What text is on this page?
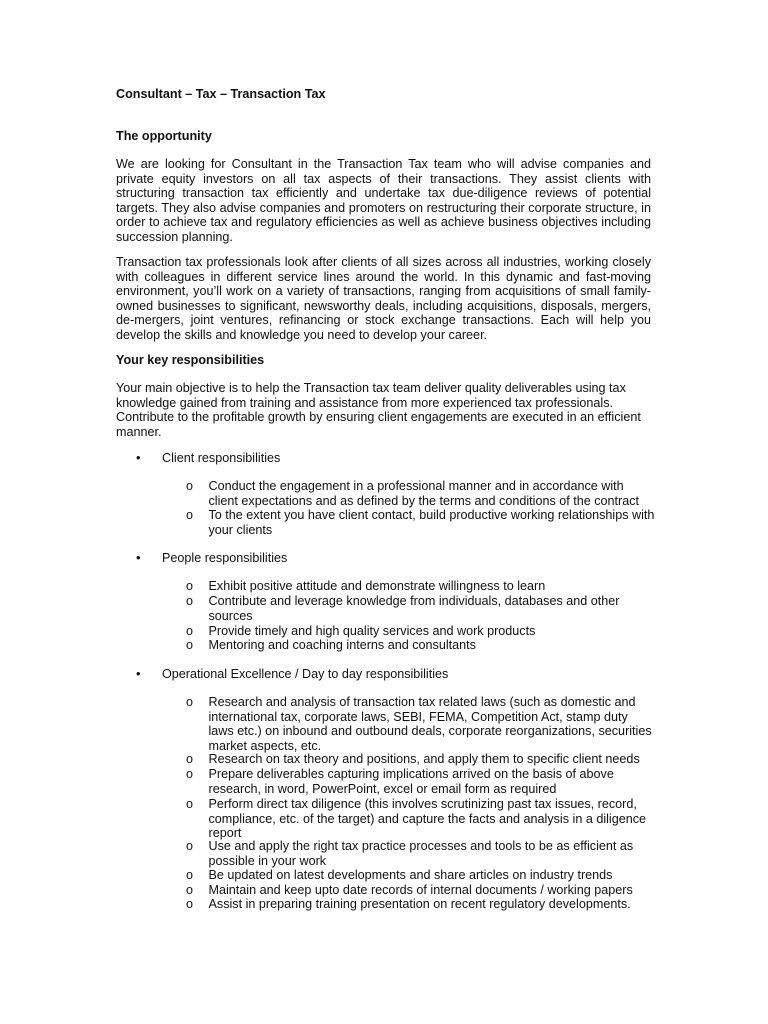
Consultant – Tax – Transaction Tax

The opportunity

We are looking for Consultant in the Transaction Tax team who will advise companies and private equity investors on all tax aspects of their transactions. They assist clients with structuring transaction tax efficiently and undertake tax due-diligence reviews of potential targets. They also advise companies and promoters on restructuring their corporate structure, in order to achieve tax and regulatory efficiencies as well as achieve business objectives including succession planning.

Transaction tax professionals look after clients of all sizes across all industries, working closely with colleagues in different service lines around the world. In this dynamic and fast-moving environment, you’ll work on a variety of transactions, ranging from acquisitions of small family-owned businesses to significant, newsworthy deals, including acquisitions, disposals, mergers, de-mergers, joint ventures, refinancing or stock exchange transactions. Each will help you develop the skills and knowledge you need to develop your career.

Your key responsibilities

Your main objective is to help the Transaction tax team deliver quality deliverables using tax knowledge gained from training and assistance from more experienced tax professionals. Contribute to the profitable growth by ensuring client engagements are executed in an efficient manner.

• Client responsibilities

o Conduct the engagement in a professional manner and in accordance with client expectations and as defined by the terms and conditions of the contract
o To the extent you have client contact, build productive working relationships with your clients
• People responsibilities

o Exhibit positive attitude and demonstrate willingness to learn
o Contribute and leverage knowledge from individuals, databases and other sources
o Provide timely and high quality services and work products
o Mentoring and coaching interns and consultants
• Operational Excellence / Day to day responsibilities

o Research and analysis of transaction tax related laws (such as domestic and international tax, corporate laws, SEBI, FEMA, Competition Act, stamp duty laws etc.) on inbound and outbound deals, corporate reorganizations, securities market aspects, etc.
o Research on tax theory and positions, and apply them to specific client needs
o Prepare deliverables capturing implications arrived on the basis of above research, in word, PowerPoint, excel or email form as required
o Perform direct tax diligence (this involves scrutinizing past tax issues, record, compliance, etc. of the target) and capture the facts and analysis in a diligence report
o Use and apply the right tax practice processes and tools to be as efficient as possible in your work
o Be updated on latest developments and share articles on industry trends
o Maintain and keep upto date records of internal documents / working papers
o Assist in preparing training presentation on recent regulatory developments.
